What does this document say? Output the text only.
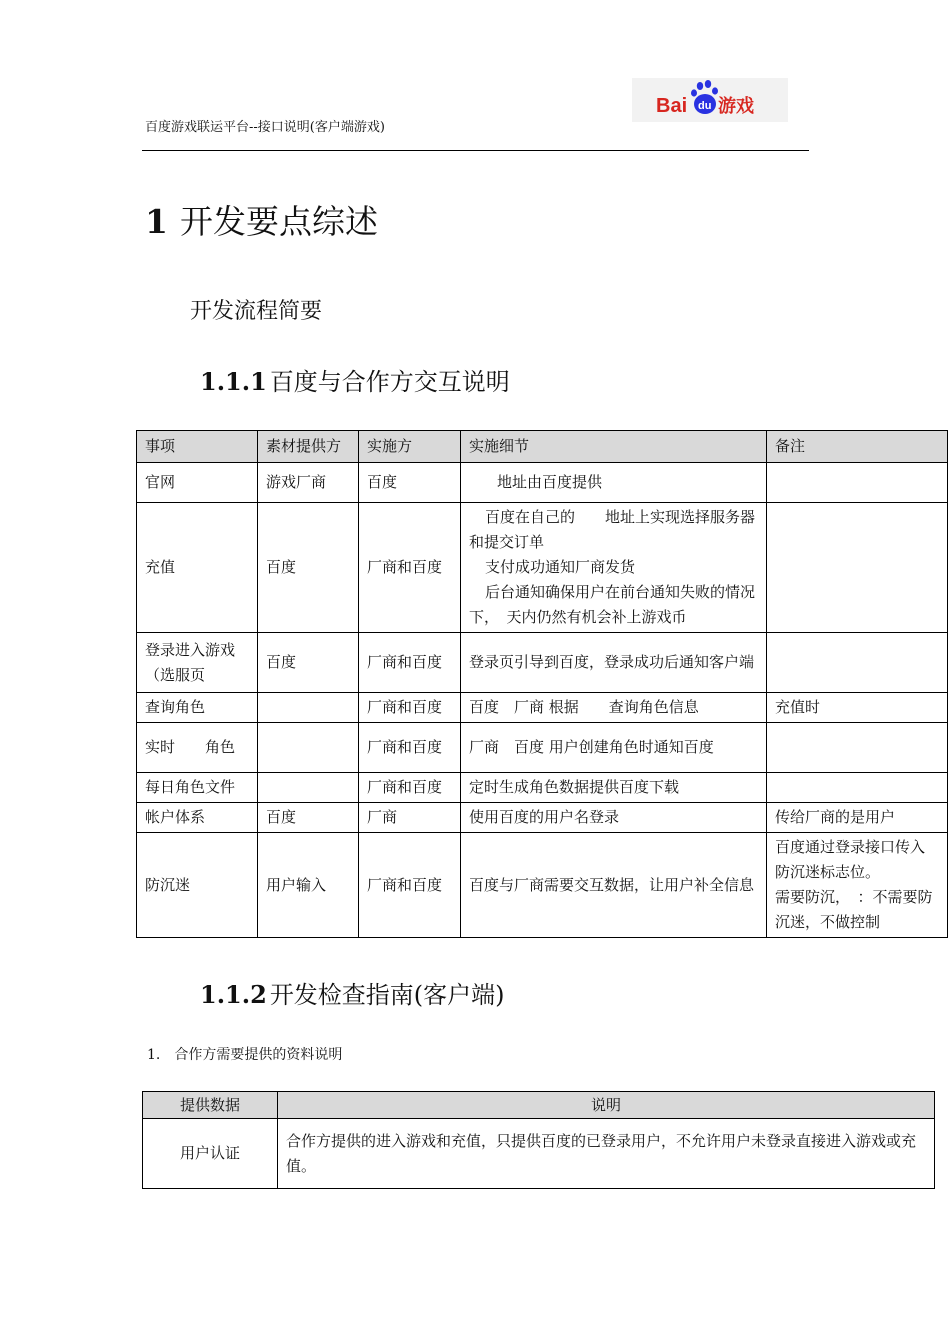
百度游戏联运平台--接口说明(客户端游戏)
Bai du 游戏
1 开发要点综述
开发流程简要
1.1.1 百度与合作方交互说明
事项	素材提供方	实施方	实施细节	备注
官网	游戏厂商	百度	地址由百度提供	

充值	百度	厂商和百度	百度在自己的　　地址上实现选择服务器和提交订单
支付成功通知厂商发货
后台通知确保用户在前台通知失败的情况下，　天内仍然有机会补上游戏币	

登录进入游戏（选服页	百度	厂商和百度	登录页引导到百度，登录成功后通知客户端	

查询角色		厂商和百度	百度　厂商 根据　　查询角色信息	充值时

实时　　角色		厂商和百度	厂商　百度 用户创建角色时通知百度	

每日角色文件		厂商和百度	定时生成角色数据提供百度下载	

帐户体系	百度	厂商	使用百度的用户名登录	传给厂商的是用户

防沉迷	用户输入	厂商和百度	百度与厂商需要交互数据，让用户补全信息	百度通过登录接口传入防沉迷标志位。
需要防沉，　：不需要防沉迷，不做控制
1.1.2 开发检查指南(客户端)
1.　合作方需要提供的资料说明
提供数据	说明
用户认证	合作方提供的进入游戏和充值，只提供百度的已登录用户，不允许用户未登录直接进入游戏或充值。
